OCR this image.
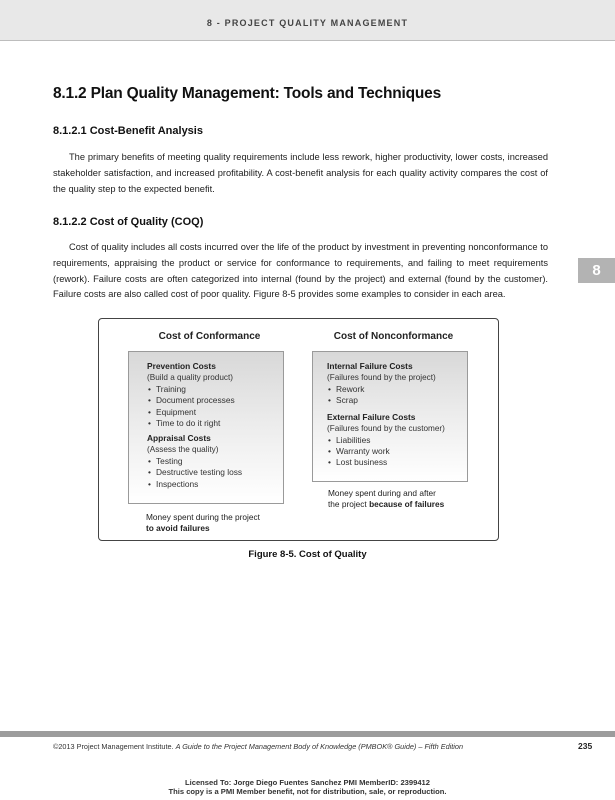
8 - PROJECT QUALITY MANAGEMENT
8
8.1.2 Plan Quality Management: Tools and Techniques
8.1.2.1 Cost-Benefit Analysis

The primary benefits of meeting quality requirements include less rework, higher productivity, lower costs, increased stakeholder satisfaction, and increased profitability. A cost-benefit analysis for each quality activity compares the cost of the quality step to the expected benefit.

8.1.2.2 Cost of Quality (COQ)

Cost of quality includes all costs incurred over the life of the product by investment in preventing nonconformance to requirements, appraising the product or service for conformance to requirements, and failing to meet requirements (rework). Failure costs are often categorized into internal (found by the project) and external (found by the customer). Failure costs are also called cost of poor quality. Figure 8-5 provides some examples to consider in each area.

Cost of Conformance	Cost of Nonconformance

Prevention Costs

(Build a quality product)

• Training
• Document processes
• Equipment
• Time to do it right

Appraisal Costs

(Assess the quality)

• Testing
• Destructive testing loss
• Inspections

Internal Failure Costs

(Failures found by the project)

• Rework
• Scrap

External Failure Costs

(Failures found by the customer)

• Liabilities
• Warranty work
• Lost business
Money spent during the project
to avoid failures
Money spent during and after
the project because of failures
Figure 8-5. Cost of Quality
©2013 Project Management Institute. A Guide to the Project Management Body of Knowledge (PMBOK® Guide) – Fifth Edition	235
Licensed To: Jorge Diego Fuentes Sanchez PMI MemberID: 2399412
This copy is a PMI Member benefit, not for distribution, sale, or reproduction.
